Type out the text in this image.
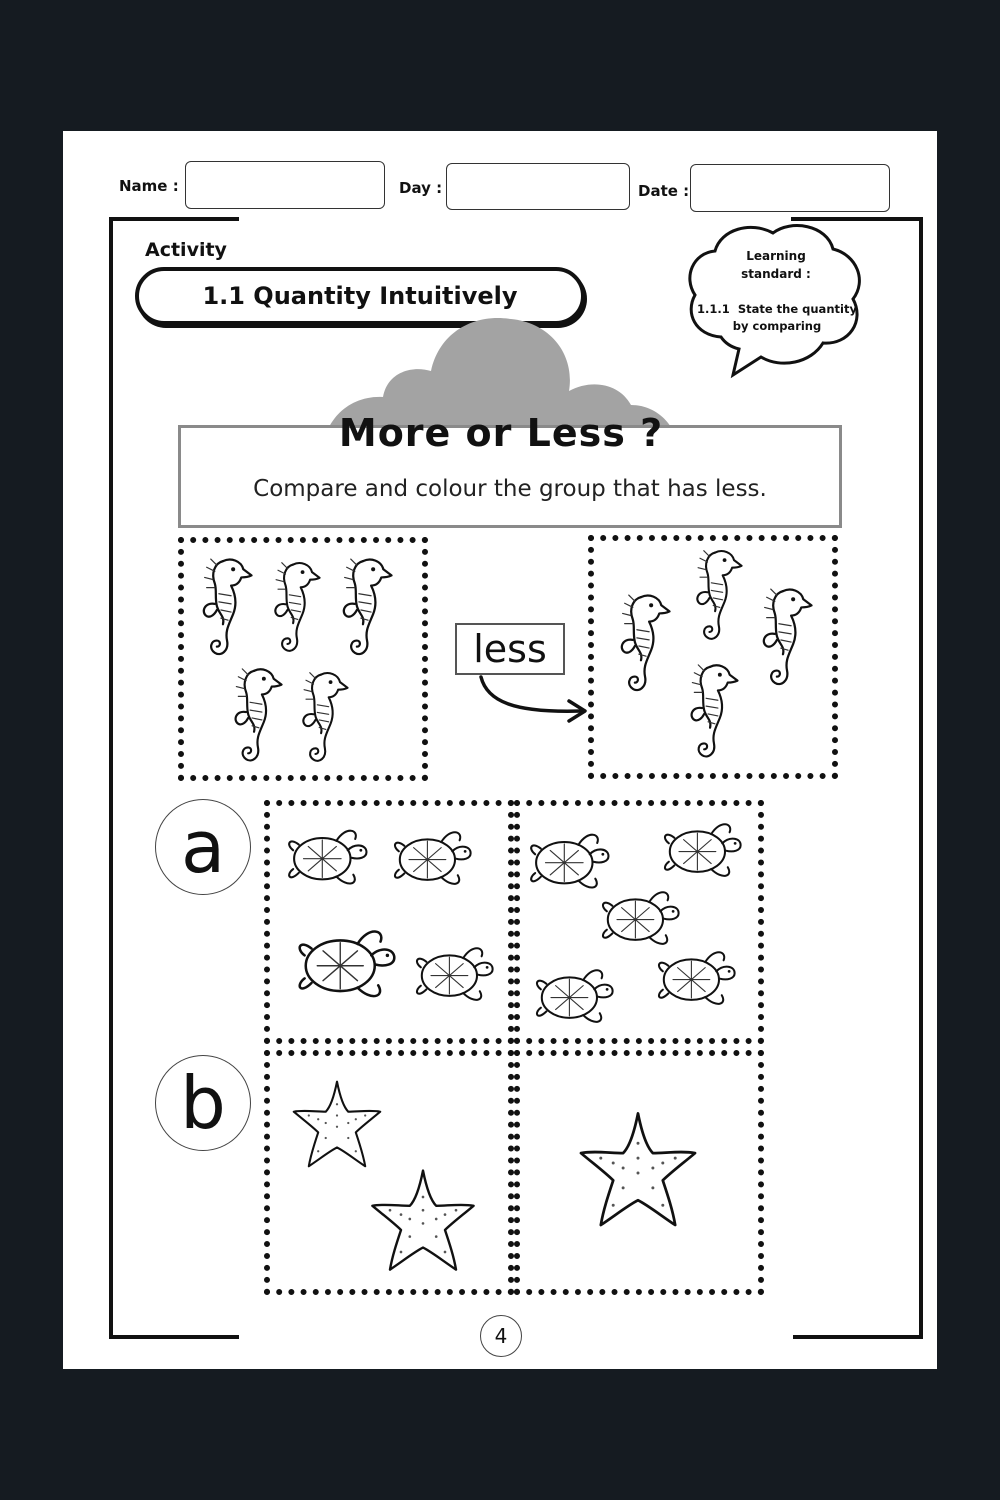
Name :	Day :	Date :
Activity
1.1 Quantity Intuitively
Learning
standard :
1.1.1 State the quantity
by comparing
More or Less ?
Compare and colour the group that has less.
less
a
b
4
